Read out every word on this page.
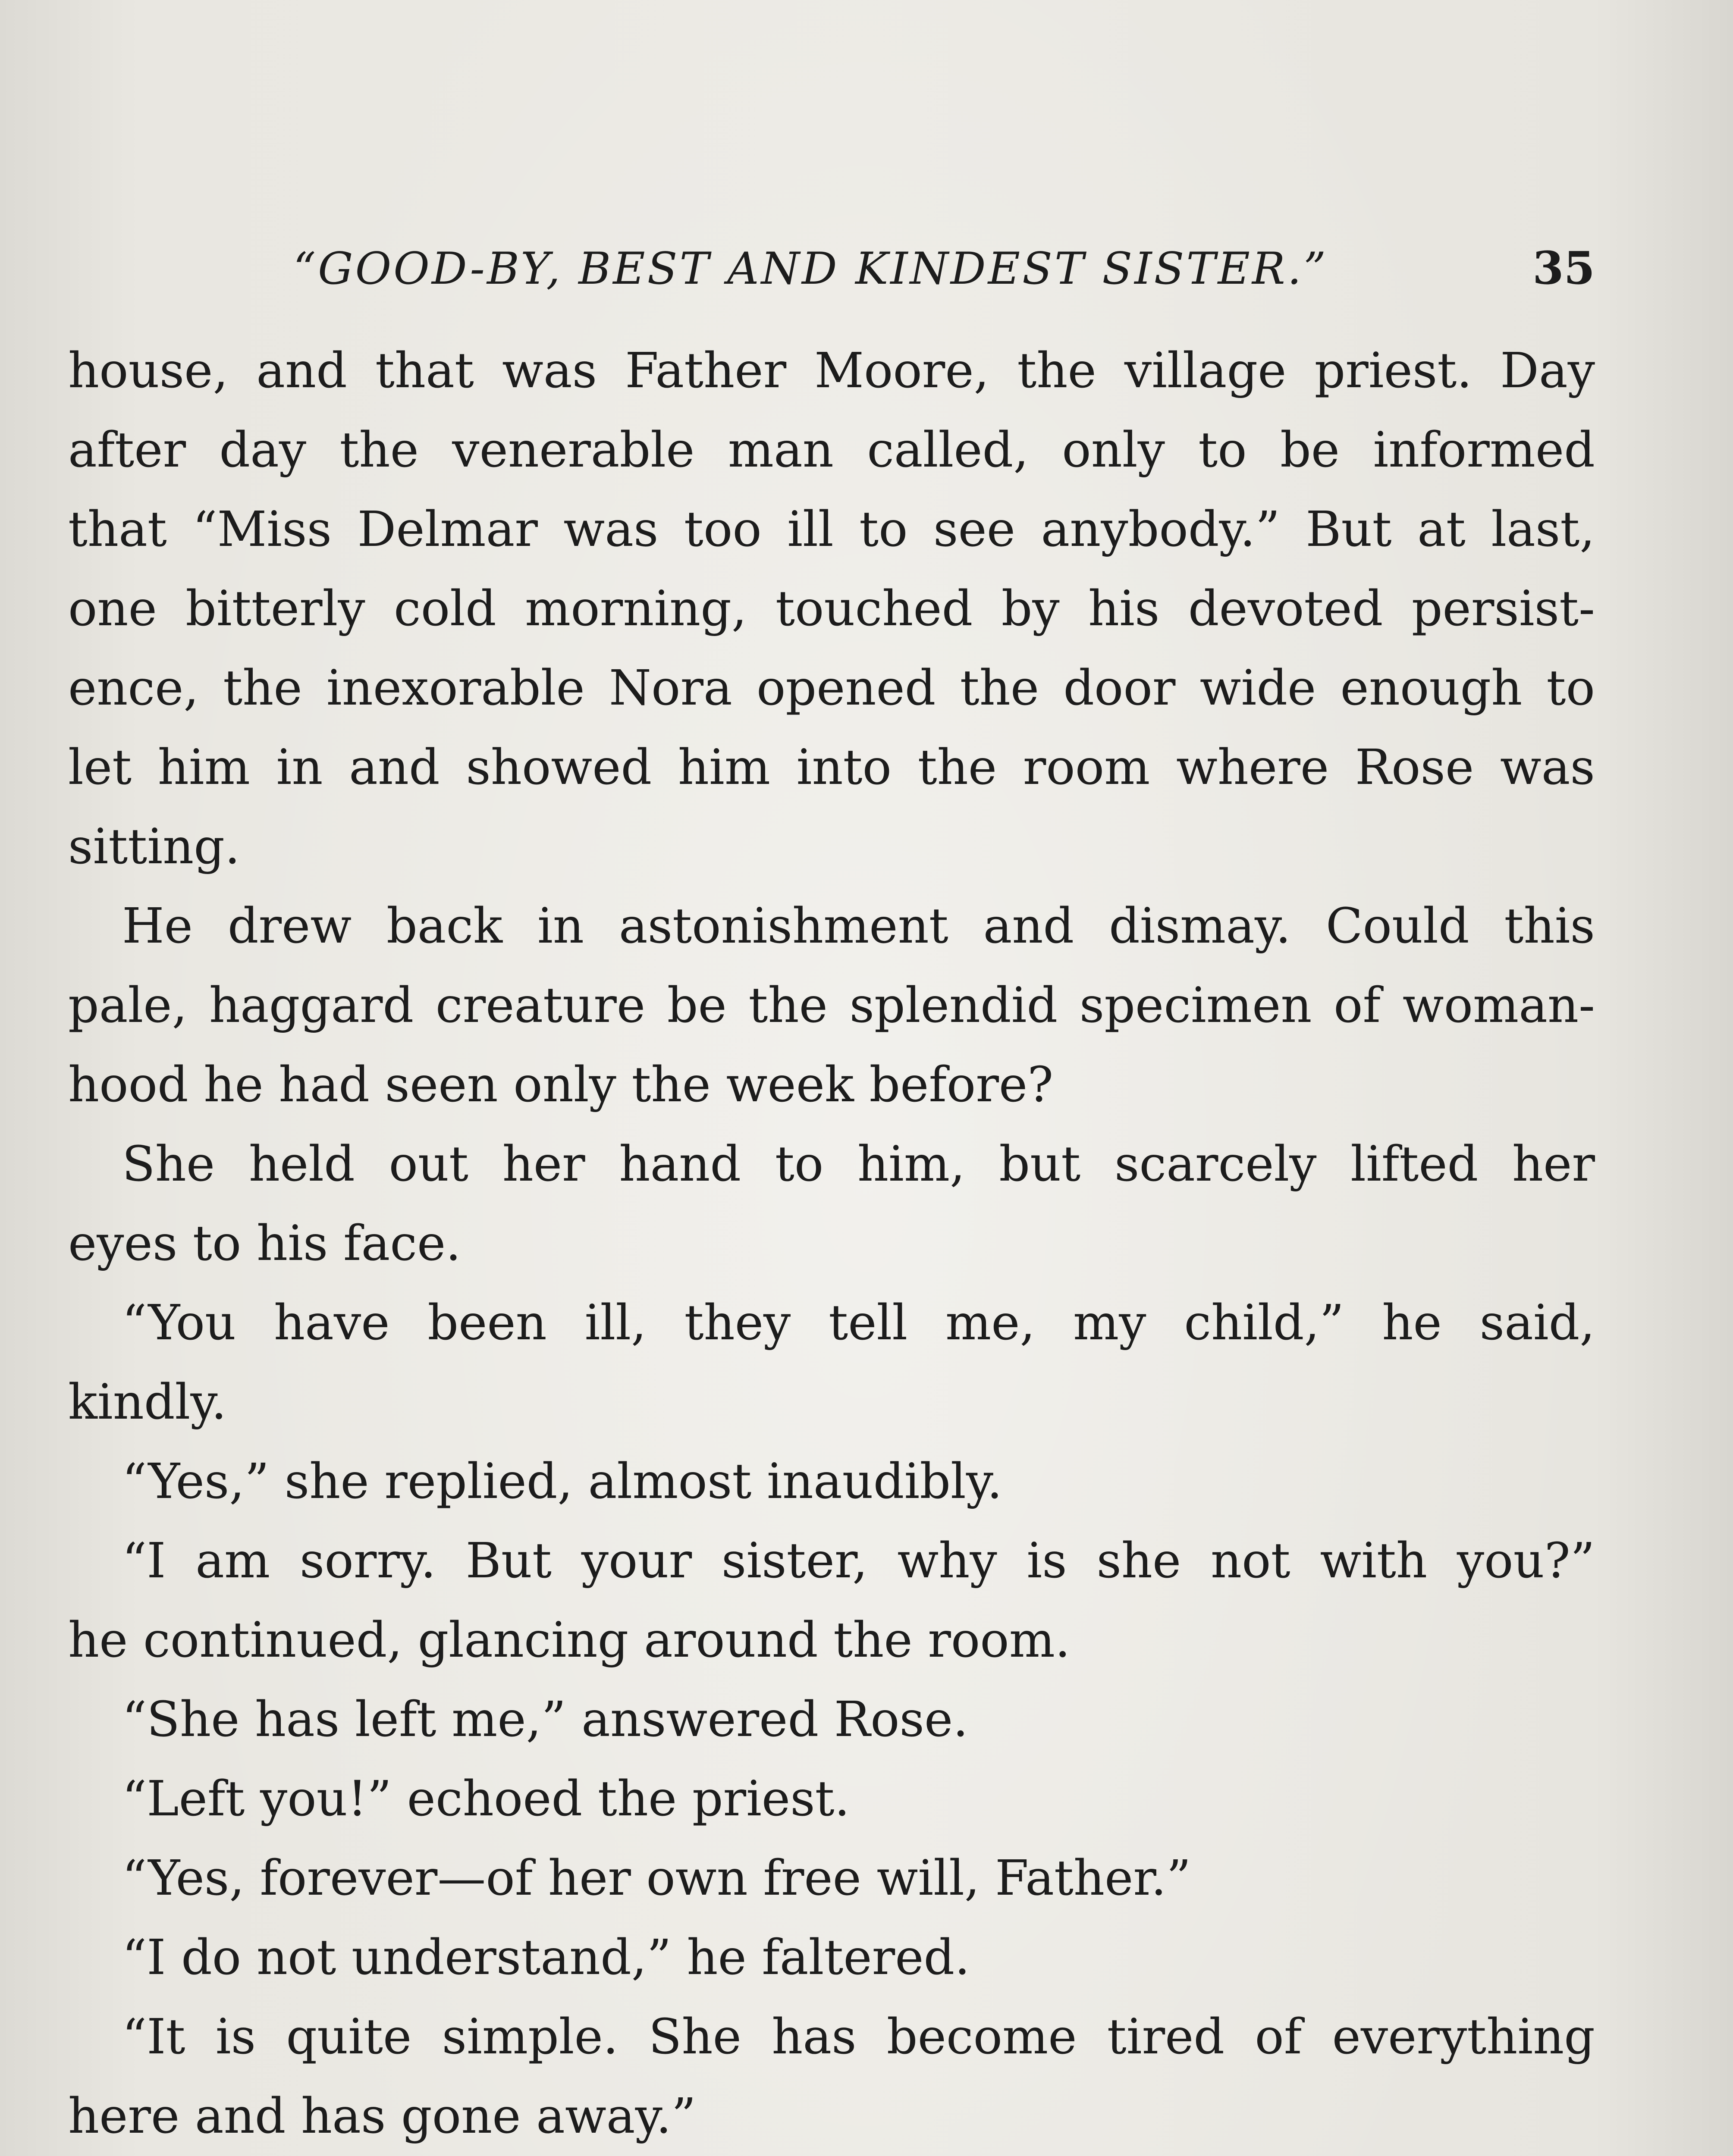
“GOOD-BY, BEST AND KINDEST SISTER.”	35
house, and that was Father Moore, the village priest. Day
after day the venerable man called, only to be informed
that “Miss Delmar was too ill to see anybody.” But at last,
one bitterly cold morning, touched by his devoted persist-
ence, the inexorable Nora opened the door wide enough to
let him in and showed him into the room where Rose was
sitting.
He drew back in astonishment and dismay. Could this
pale, haggard creature be the splendid specimen of woman-
hood he had seen only the week before?
She held out her hand to him, but scarcely lifted her
eyes to his face.
“You have been ill, they tell me, my child,” he said,
kindly.
“Yes,” she replied, almost inaudibly.
“I am sorry. But your sister, why is she not with you?”
he continued, glancing around the room.
“She has left me,” answered Rose.
“Left you!” echoed the priest.
“Yes, forever—of her own free will, Father.”
“I do not understand,” he faltered.
“It is quite simple. She has become tired of everything
here and has gone away.”
